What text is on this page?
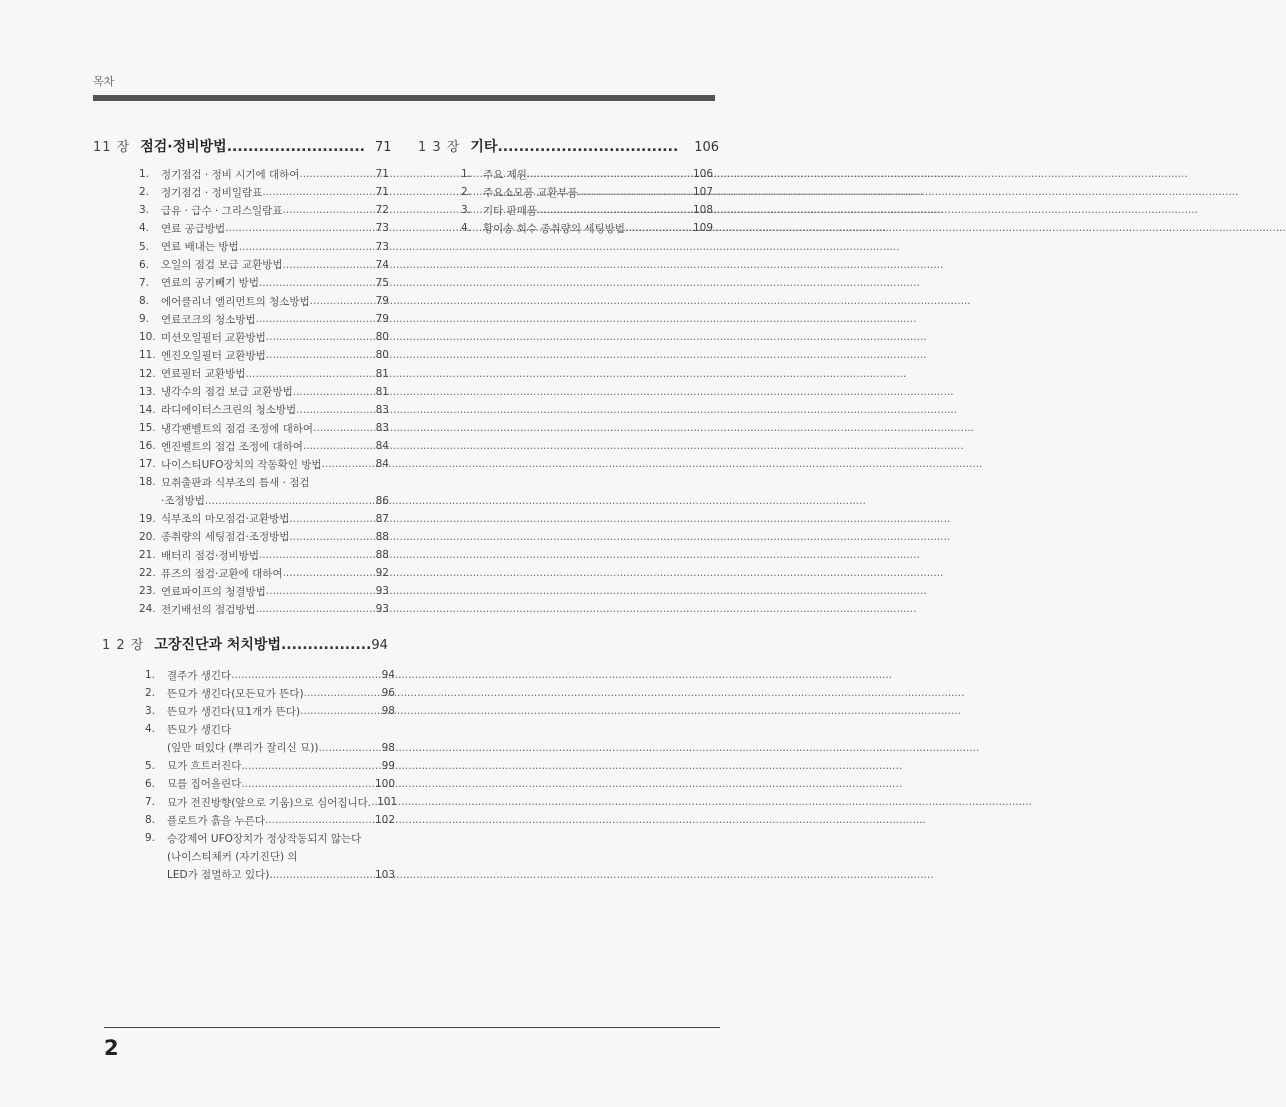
목차
11 장 점검·정비방법 .......................... 71
1.	정기점검 · 정비 시기에 대하여 .....	71
2.	정기점검 · 정비일람표 .....	71
3.	급유 · 급수 · 그리스일람표 .....	72
4.	연료 공급방법 .....	73
5.	연료 배내는 방법 .....	73
6.	오일의 점검 보급 교환방법 .....	74
7.	연료의 공기빼기 방법 .....	75
8.	에어클리너 엘리먼트의 청소방법 .....	79
9.	연료코크의 청소방법 .....	79
10. 미션오일필터 교환방법 .....	80
11. 엔진오일필터 교환방법 .....	80
12. 연료필터 교환방법 .....	81
13. 냉각수의 점검 보급 교환방법 .....	81
14. 라디에이터스크린의 청소방법 .....	83
15. 냉각팬벨트의 점검 조정에 대하여 .....	83
16. 엔진벨트의 점검 조정에 대하여 .....	84
17. 나이스티UFO장치의 작동확인 방법 .....	84
18. 묘취출판과 식부조의 틈새 · 점검
·조정방법 .....	86
19. 식부조의 마모점검·교환방법 .....	87
20. 종취량의 세팅점검·조정방법 .....	88
21. 배터리 점검·정비방법 .....	88
22. 퓨즈의 점검·교환에 대하여 .....	92
23. 연료파이프의 청결방법 .....	93
24. 전기배선의 점검방법 .....	93
1 2 장 고장진단과 처치방법 ................. 94
1.	결주가 생긴다 .....	94
2.	뜬묘가 생긴다(모든묘가 뜬다) .....	96
3.	뜬묘가 생긴다(묘1개가 뜬다) .....	98
4.	뜬묘가 생긴다
(잎만 떠있다 (뿌리가 잘리신 묘)) .....	98
5.	묘가 흐트러진다 .....	99
6.	묘를 집어올린다 .....	100
7.	묘가 전진방향(앞으로 기움)으로 심어집니다. ..... 101
8.	플로트가 흙을 누른다 .....	102
9.	승강제어 UFO장치가 정상작동되지 않는다
(나이스티체커 (자기진단) 의
LED가 점멸하고 있다). .....	103
1 3 장 기타 .................................. 106
1.	주요 제원 .....	106
2.	주요소모품 교환부품 .....	107
3.	기타 판매품 .....	108
4.	황이송 회수 종취량의 세팅방법 .....	109
2
